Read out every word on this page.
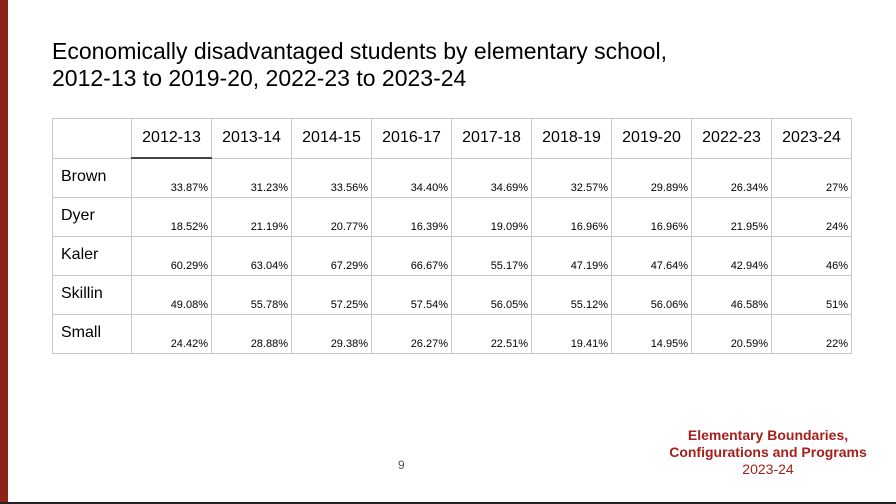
Economically disadvantaged students by elementary school,
2012-13 to 2019-20, 2022-23 to 2023-24
	2012-13	2013-14	2014-15	2016-17	2017-18	2018-19	2019-20	2022-23	2023-24
Brown	33.87%	31.23%	33.56%	34.40%	34.69%	32.57%	29.89%	26.34%	27%
Dyer	18.52%	21.19%	20.77%	16.39%	19.09%	16.96%	16.96%	21.95%	24%
Kaler	60.29%	63.04%	67.29%	66.67%	55.17%	47.19%	47.64%	42.94%	46%
Skillin	49.08%	55.78%	57.25%	57.54%	56.05%	55.12%	56.06%	46.58%	51%
Small	24.42%	28.88%	29.38%	26.27%	22.51%	19.41%	14.95%	20.59%	22%
9
Elementary Boundaries,
Configurations and Programs
2023-24
